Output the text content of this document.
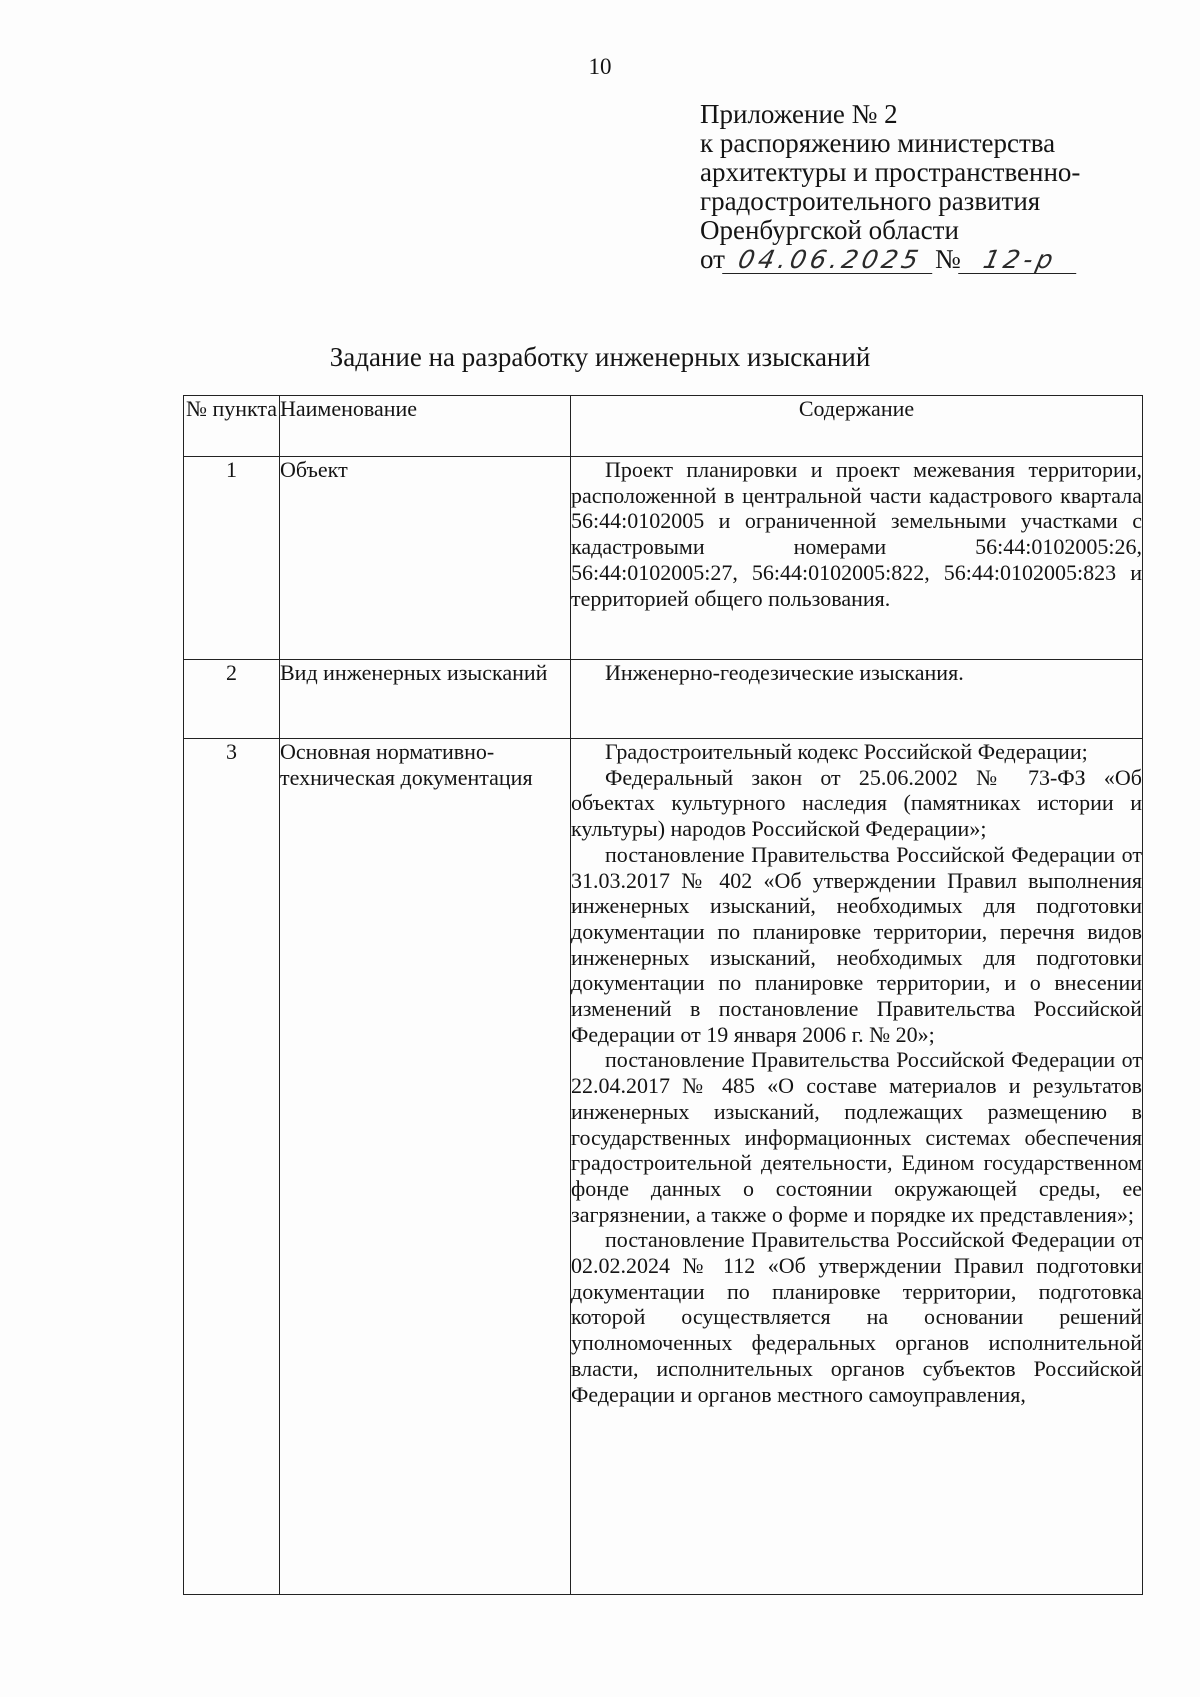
10
Приложение № 2
к распоряжению министерства
архитектуры и пространственно-
градостроительного развития
Оренбургской области
от 04.06.2025 № 12-р
Задание на разработку инженерных изысканий
№ пункта	Наименование	Содержание
1	Объект	Проект планировки и проект межевания территории, расположенной в центральной части кадастрового квартала 56:44:0102005 и ограниченной земельными участками с кадастровыми номерами 56:44:0102005:26, 56:44:0102005:27, 56:44:0102005:822, 56:44:0102005:823 и территорией общего пользования.

2	Вид инженерных изысканий	Инженерно-геодезические изыскания.

3	Основная нормативно-техническая документация	Градостроительный кодекс Российской Федерации;

Федеральный закон от 25.06.2002 № 73-ФЗ «Об объектах культурного наследия (памятниках истории и культуры) народов Российской Федерации»;

постановление Правительства Российской Федерации от 31.03.2017 № 402 «Об утверждении Правил выполнения инженерных изысканий, необходимых для подготовки документации по планировке территории, перечня видов инженерных изысканий, необходимых для подготовки документации по планировке территории, и о внесении изменений в постановление Правительства Российской Федерации от 19 января 2006 г. № 20»;

постановление Правительства Российской Федерации от 22.04.2017 № 485 «О составе материалов и результатов инженерных изысканий, подлежащих размещению в государственных информационных системах обеспечения градостроительной деятельности, Едином государственном фонде данных о состоянии окружающей среды, ее загрязнении, а также о форме и порядке их представления»;

постановление Правительства Российской Федерации от 02.02.2024 № 112 «Об утверждении Правил подготовки документации по планировке территории, подготовка которой осуществляется на основании решений уполномоченных федеральных органов исполнительной власти, исполнительных органов субъектов Российской Федерации и органов местного самоуправления,
